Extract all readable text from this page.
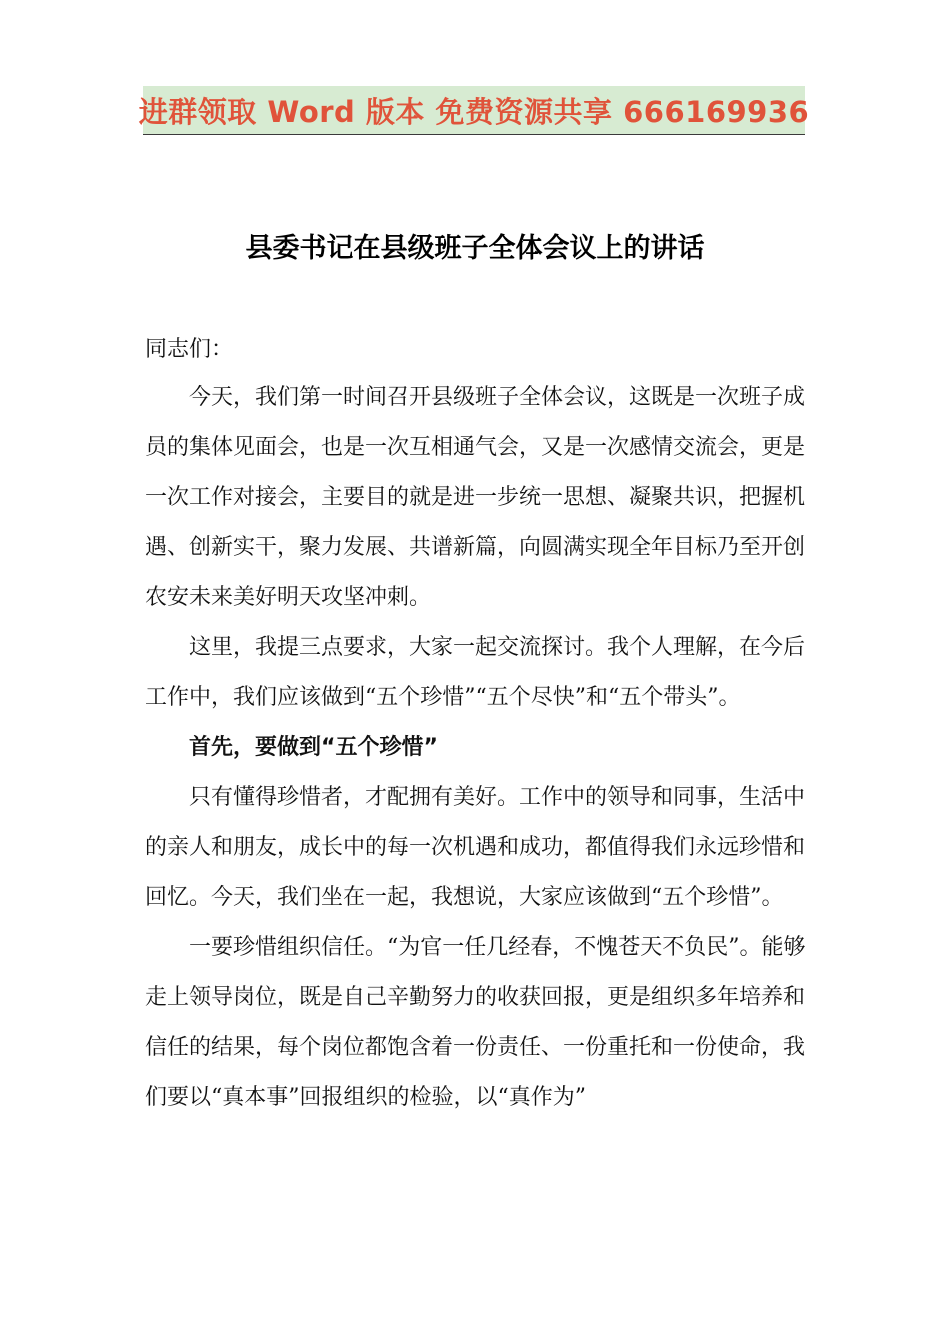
进群领取 Word 版本 免费资源共享 666169936
县委书记在县级班子全体会议上的讲话
同志们：

今天，我们第一时间召开县级班子全体会议，这既是一次班子成员的集体见面会，也是一次互相通气会，又是一次感情交流会，更是一次工作对接会，主要目的就是进一步统一思想、凝聚共识，把握机遇、创新实干，聚力发展、共谱新篇，向圆满实现全年目标乃至开创农安未来美好明天攻坚冲刺。

这里，我提三点要求，大家一起交流探讨。我个人理解，在今后工作中，我们应该做到“五个珍惜”“五个尽快”和“五个带头”。

首先，要做到“五个珍惜”

只有懂得珍惜者，才配拥有美好。工作中的领导和同事，生活中的亲人和朋友，成长中的每一次机遇和成功，都值得我们永远珍惜和回忆。今天，我们坐在一起，我想说，大家应该做到“五个珍惜”。

一要珍惜组织信任。“为官一任几经春，不愧苍天不负民”。能够走上领导岗位，既是自己辛勤努力的收获回报，更是组织多年培养和信任的结果，每个岗位都饱含着一份责任、一份重托和一份使命，我们要以“真本事”回报组织的检验，以“真作为”
